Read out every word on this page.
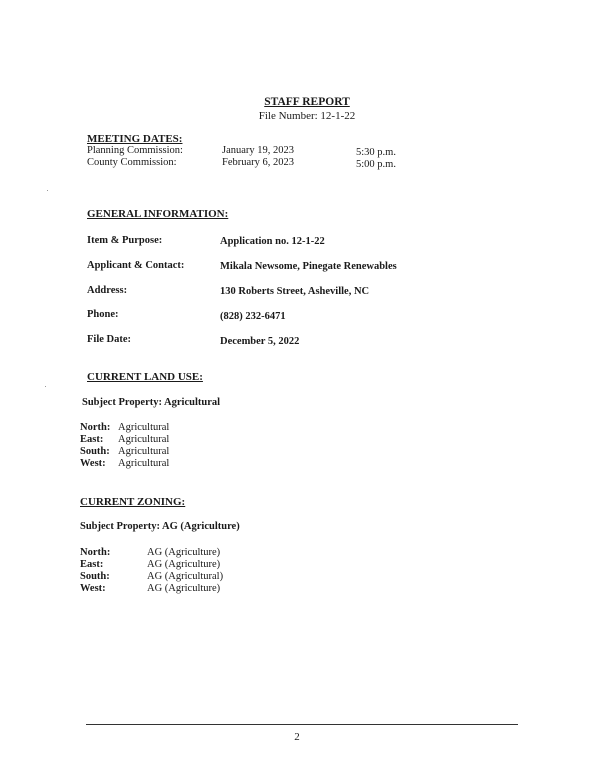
STAFF REPORT
File Number: 12-1-22
MEETING DATES:
Planning Commission:	January 19, 2023	5:30 p.m.
County Commission:	February 6, 2023	5:00 p.m.
GENERAL INFORMATION:
Item & Purpose:	Application no. 12-1-22
Applicant & Contact:	Mikala Newsome, Pinegate Renewables
Address:	130 Roberts Street, Asheville, NC
Phone:	(828) 232-6471
File Date:	December 5, 2022
CURRENT LAND USE:
Subject Property: Agricultural
North: Agricultural
East: Agricultural
South: Agricultural
West: Agricultural
CURRENT ZONING:
Subject Property: AG (Agriculture)
North:	AG (Agriculture)
East:	AG (Agriculture)
South:	AG (Agricultural)
West:	AG (Agriculture)
2
